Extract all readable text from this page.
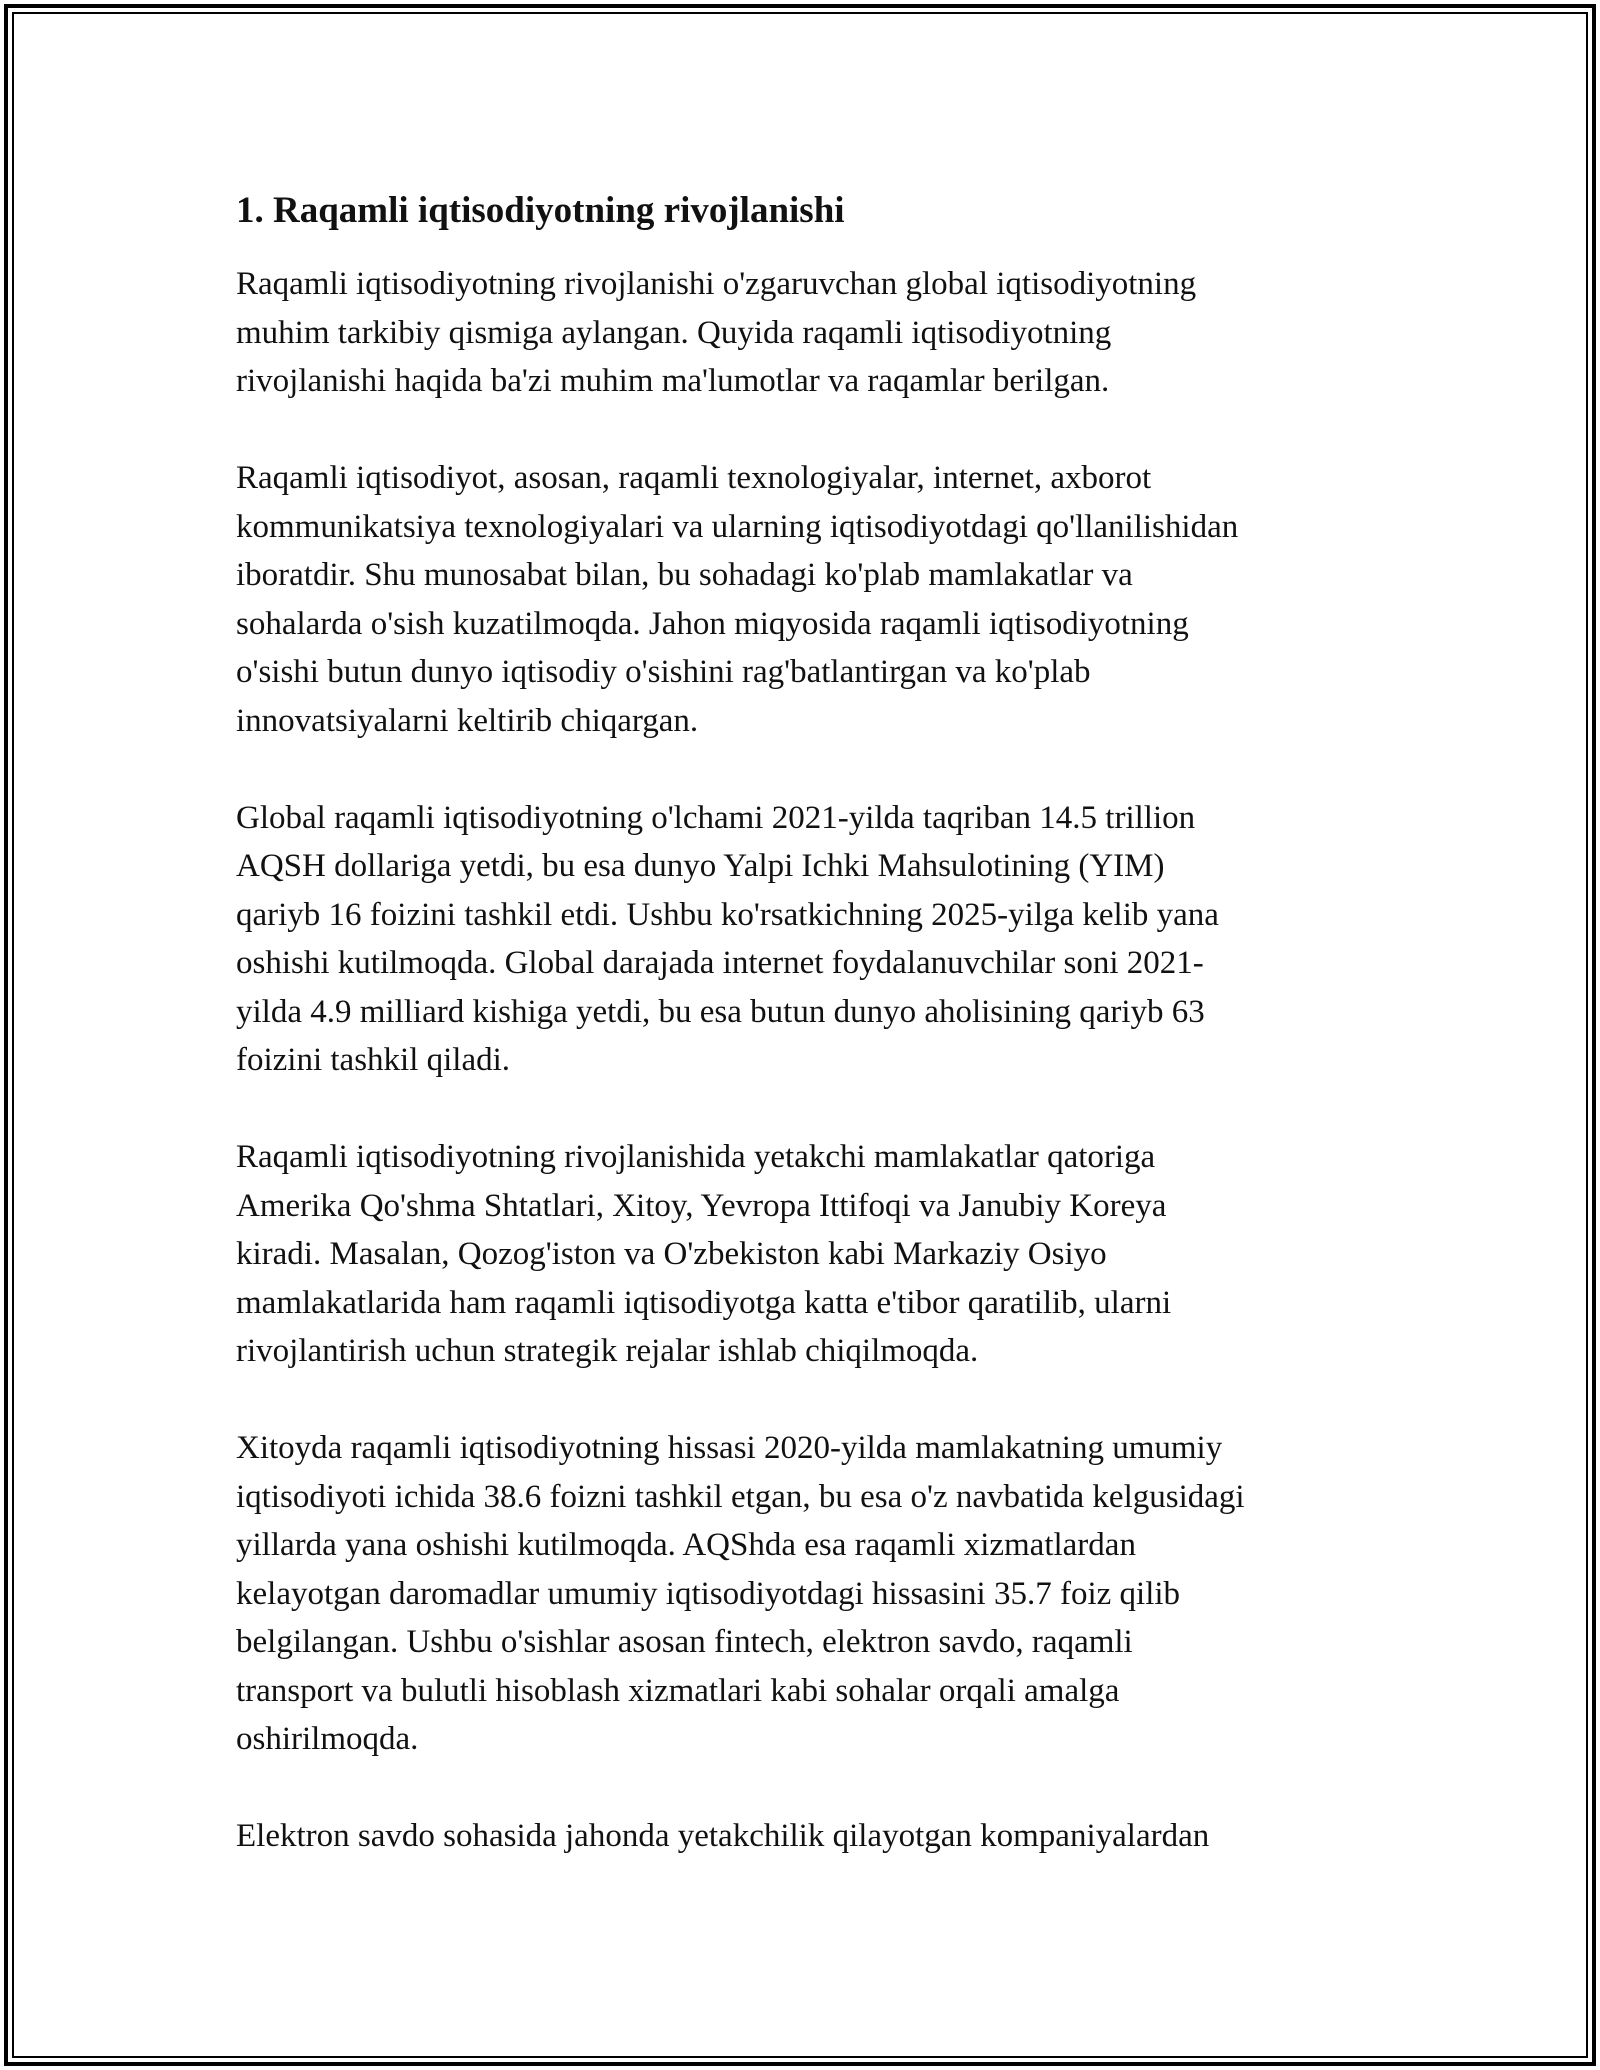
1. Raqamli iqtisodiyotning rivojlanishi

Raqamli iqtisodiyotning rivojlanishi o'zgaruvchan global iqtisodiyotning
muhim tarkibiy qismiga aylangan. Quyida raqamli iqtisodiyotning
rivojlanishi haqida ba'zi muhim ma'lumotlar va raqamlar berilgan.

Raqamli iqtisodiyot, asosan, raqamli texnologiyalar, internet, axborot
kommunikatsiya texnologiyalari va ularning iqtisodiyotdagi qo'llanilishidan
iboratdir. Shu munosabat bilan, bu sohadagi ko'plab mamlakatlar va
sohalarda o'sish kuzatilmoqda. Jahon miqyosida raqamli iqtisodiyotning
o'sishi butun dunyo iqtisodiy o'sishini rag'batlantirgan va ko'plab
innovatsiyalarni keltirib chiqargan.

Global raqamli iqtisodiyotning o'lchami 2021-yilda taqriban 14.5 trillion
AQSH dollariga yetdi, bu esa dunyo Yalpi Ichki Mahsulotining (YIM)
qariyb 16 foizini tashkil etdi. Ushbu ko'rsatkichning 2025-yilga kelib yana
oshishi kutilmoqda. Global darajada internet foydalanuvchilar soni 2021-
yilda 4.9 milliard kishiga yetdi, bu esa butun dunyo aholisining qariyb 63
foizini tashkil qiladi.

Raqamli iqtisodiyotning rivojlanishida yetakchi mamlakatlar qatoriga
Amerika Qo'shma Shtatlari, Xitoy, Yevropa Ittifoqi va Janubiy Koreya
kiradi. Masalan, Qozog'iston va O'zbekiston kabi Markaziy Osiyo
mamlakatlarida ham raqamli iqtisodiyotga katta e'tibor qaratilib, ularni
rivojlantirish uchun strategik rejalar ishlab chiqilmoqda.

Xitoyda raqamli iqtisodiyotning hissasi 2020-yilda mamlakatning umumiy
iqtisodiyoti ichida 38.6 foizni tashkil etgan, bu esa o'z navbatida kelgusidagi
yillarda yana oshishi kutilmoqda. AQShda esa raqamli xizmatlardan
kelayotgan daromadlar umumiy iqtisodiyotdagi hissasini 35.7 foiz qilib
belgilangan. Ushbu o'sishlar asosan fintech, elektron savdo, raqamli
transport va bulutli hisoblash xizmatlari kabi sohalar orqali amalga
oshirilmoqda.

Elektron savdo sohasida jahonda yetakchilik qilayotgan kompaniyalardan
